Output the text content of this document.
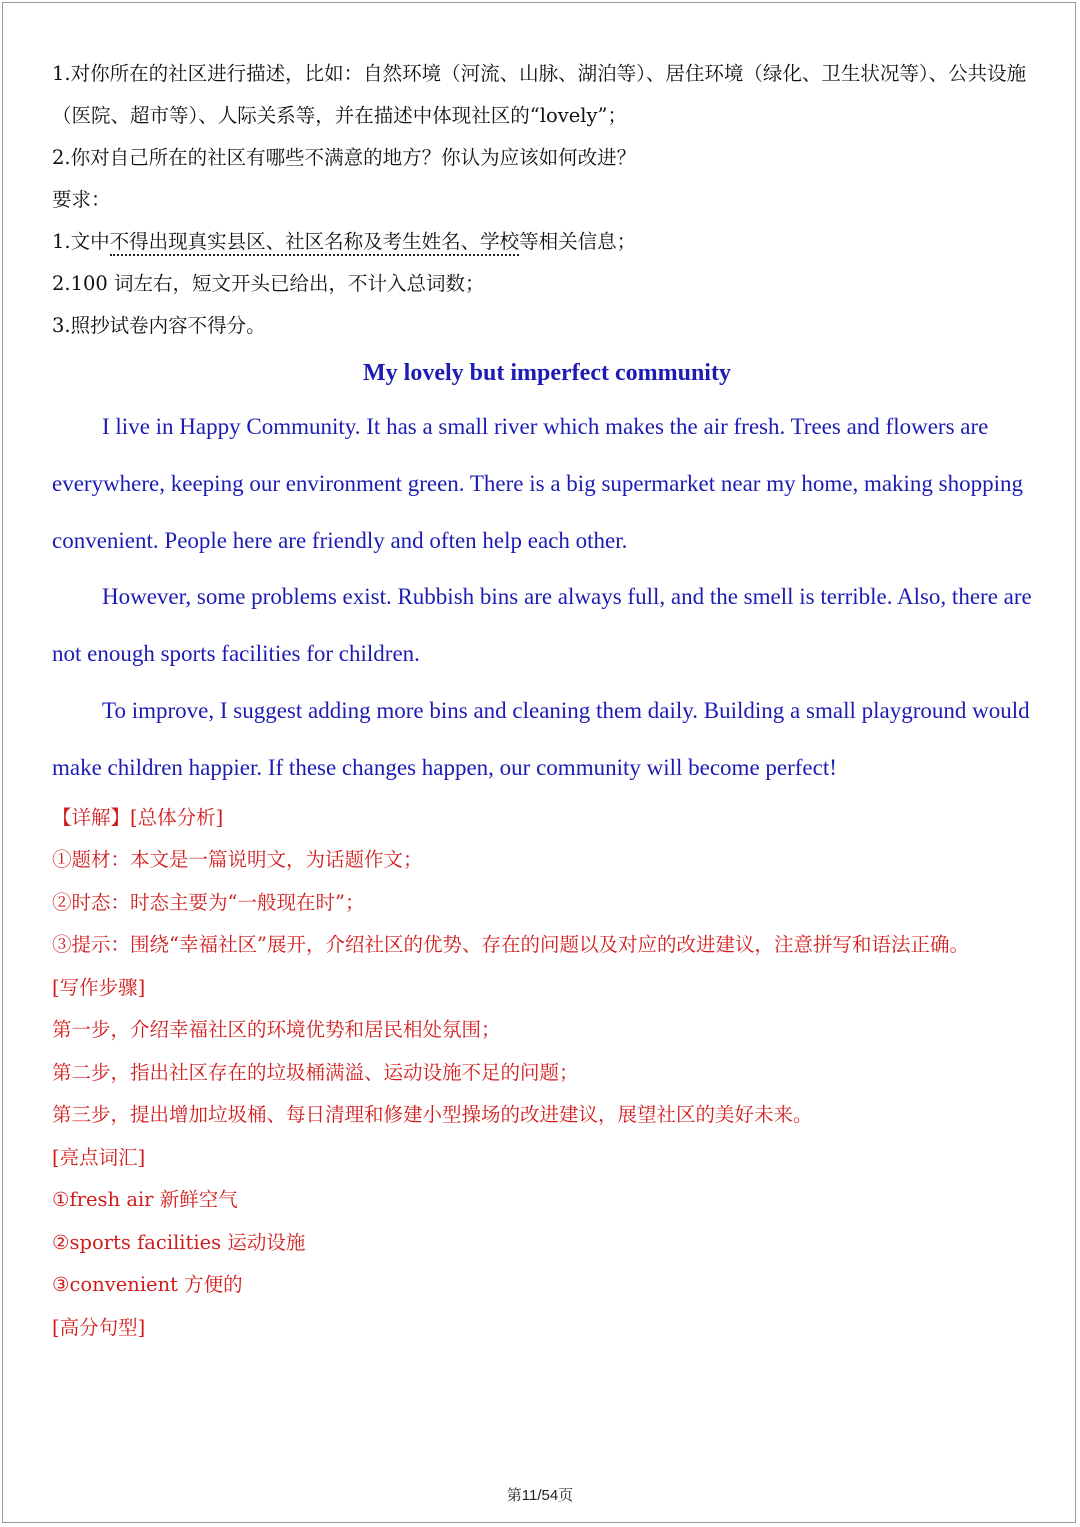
1.对你所在的社区进行描述，比如：自然环境（河流、山脉、湖泊等）、居住环境（绿化、卫生状况等）、公共设施（医院、超市等）、人际关系等，并在描述中体现社区的“lovely”；
2.你对自己所在的社区有哪些不满意的地方？你认为应该如何改进？
要求：
1.文中不得出现真实县区、社区名称及考生姓名、学校等相关信息；
2.100 词左右，短文开头已给出，不计入总词数；
3.照抄试卷内容不得分。
My lovely but imperfect community

I live in Happy Community. It has a small river which makes the air fresh. Trees and flowers are everywhere, keeping our environment green. There is a big supermarket near my home, making shopping convenient. People here are friendly and often help each other.

However, some problems exist. Rubbish bins are always full, and the smell is terrible. Also, there are not enough sports facilities for children.

To improve, I suggest adding more bins and cleaning them daily. Building a small playground would make children happier. If these changes happen, our community will become perfect!

【详解】[总体分析]
①题材：本文是一篇说明文，为话题作文；
②时态：时态主要为“一般现在时”；
③提示：围绕“幸福社区”展开，介绍社区的优势、存在的问题以及对应的改进建议，注意拼写和语法正确。
[写作步骤]
第一步，介绍幸福社区的环境优势和居民相处氛围；
第二步，指出社区存在的垃圾桶满溢、运动设施不足的问题；
第三步，提出增加垃圾桶、每日清理和修建小型操场的改进建议，展望社区的美好未来。
[亮点词汇]
①fresh air 新鲜空气
②sports facilities 运动设施
③convenient 方便的
[高分句型]
第11/54页
